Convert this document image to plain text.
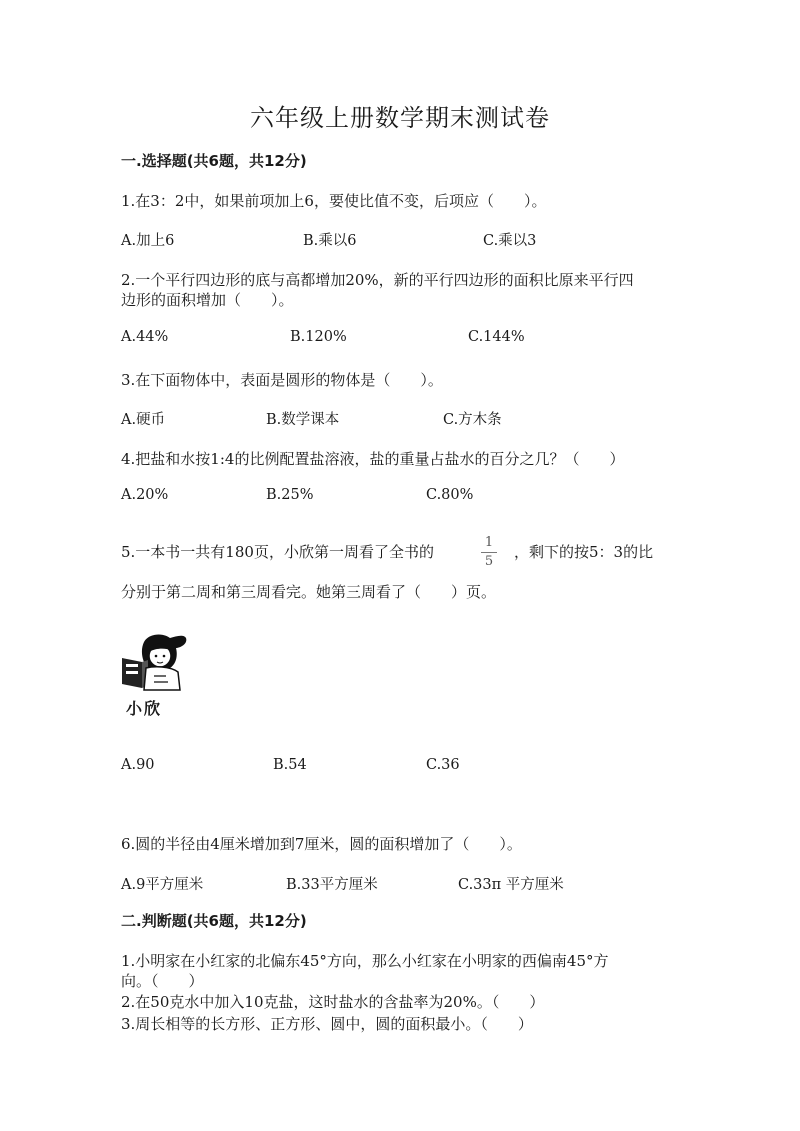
六年级上册数学期末测试卷
一.选择题(共6题，共12分)
1.在3：2中，如果前项加上6，要使比值不变，后项应（　　）。
A.加上6	B.乘以6	C.乘以3
2.一个平行四边形的底与高都增加20%，新的平行四边形的面积比原来平行四
边形的面积增加（　　）。
A.44%	B.120%	C.144%
3.在下面物体中，表面是圆形的物体是（　　）。
A.硬币	B.数学课本	C.方木条
4.把盐和水按1:4的比例配置盐溶液，盐的重量占盐水的百分之几？（　　）
A.20%	B.25%	C.80%
5.一本书一共有180页，小欣第一周看了全书的
1
5
，剩下的按5：3的比
分别于第二周和第三周看完。她第三周看了（　　）页。
小欣
A.90	B.54	C.36
6.圆的半径由4厘米增加到7厘米，圆的面积增加了（　　）。
A.9平方厘米	B.33平方厘米	C.33π 平方厘米
二.判断题(共6题，共12分)
1.小明家在小红家的北偏东45°方向，那么小红家在小明家的西偏南45°方
向。（　　）
2.在50克水中加入10克盐，这时盐水的含盐率为20%。（　　）
3.周长相等的长方形、正方形、圆中，圆的面积最小。（　　）
